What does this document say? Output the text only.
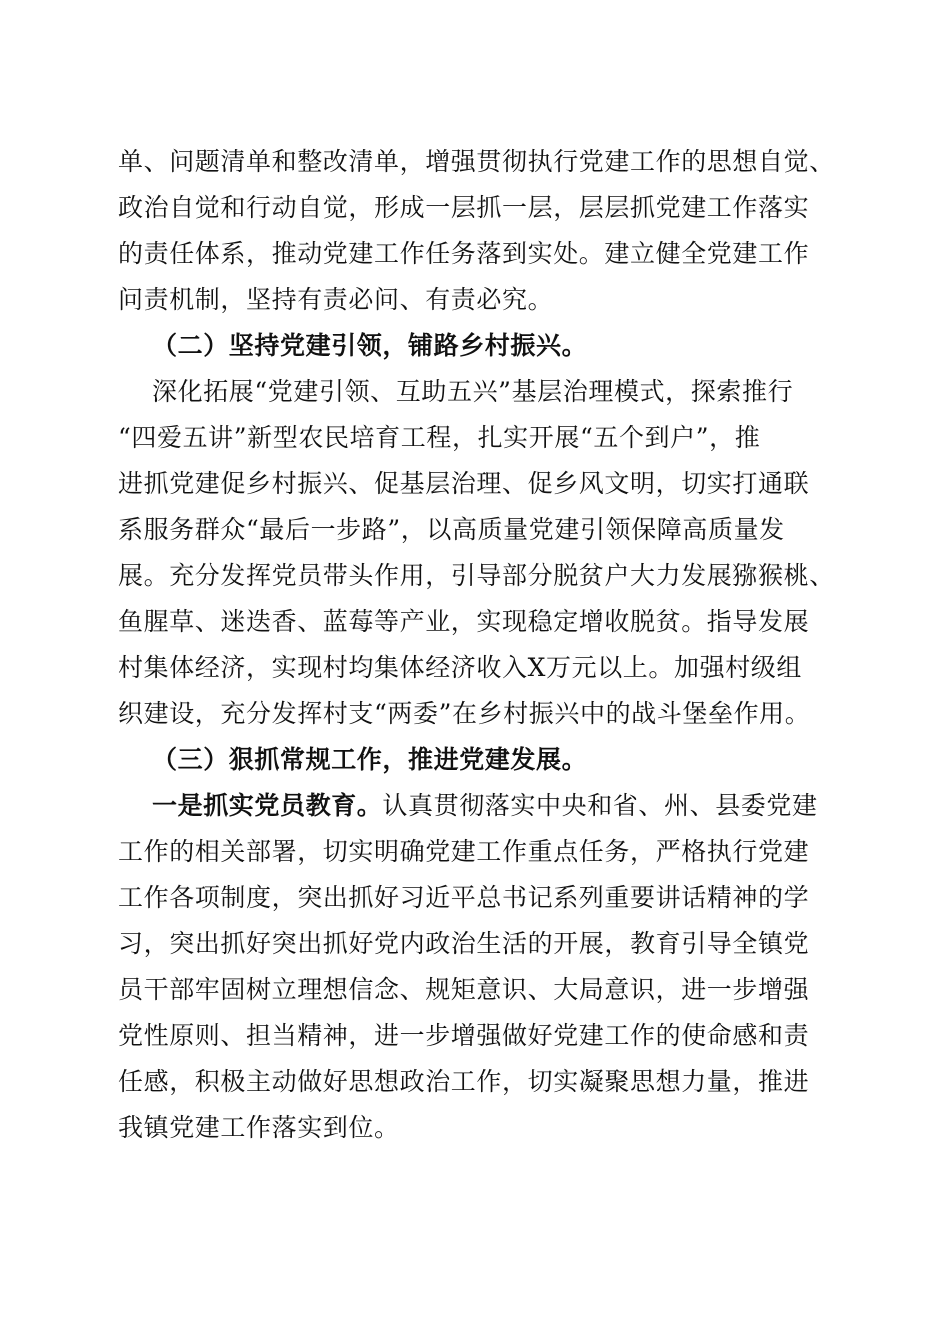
单、问题清单和整改清单，增强贯彻执行党建工作的思想自觉、
政治自觉和行动自觉，形成一层抓一层，层层抓党建工作落实
的责任体系，推动党建工作任务落到实处。建立健全党建工作
问责机制，坚持有责必问、有责必究。
（二）坚持党建引领，铺路乡村振兴。
深化拓展“党建引领、互助五兴”基层治理模式，探索推行
“四爱五讲”新型农民培育工程，扎实开展“五个到户”，推
进抓党建促乡村振兴、促基层治理、促乡风文明，切实打通联
系服务群众“最后一步路”，以高质量党建引领保障高质量发
展。充分发挥党员带头作用，引导部分脱贫户大力发展猕猴桃、
鱼腥草、迷迭香、蓝莓等产业，实现稳定增收脱贫。指导发展
村集体经济，实现村均集体经济收入X万元以上。加强村级组
织建设，充分发挥村支“两委”在乡村振兴中的战斗堡垒作用。
（三）狠抓常规工作，推进党建发展。
一是抓实党员教育。认真贯彻落实中央和省、州、县委党建
工作的相关部署，切实明确党建工作重点任务，严格执行党建
工作各项制度，突出抓好习近平总书记系列重要讲话精神的学
习，突出抓好突出抓好党内政治生活的开展，教育引导全镇党
员干部牢固树立理想信念、规矩意识、大局意识，进一步增强
党性原则、担当精神，进一步增强做好党建工作的使命感和责
任感，积极主动做好思想政治工作，切实凝聚思想力量，推进
我镇党建工作落实到位。
